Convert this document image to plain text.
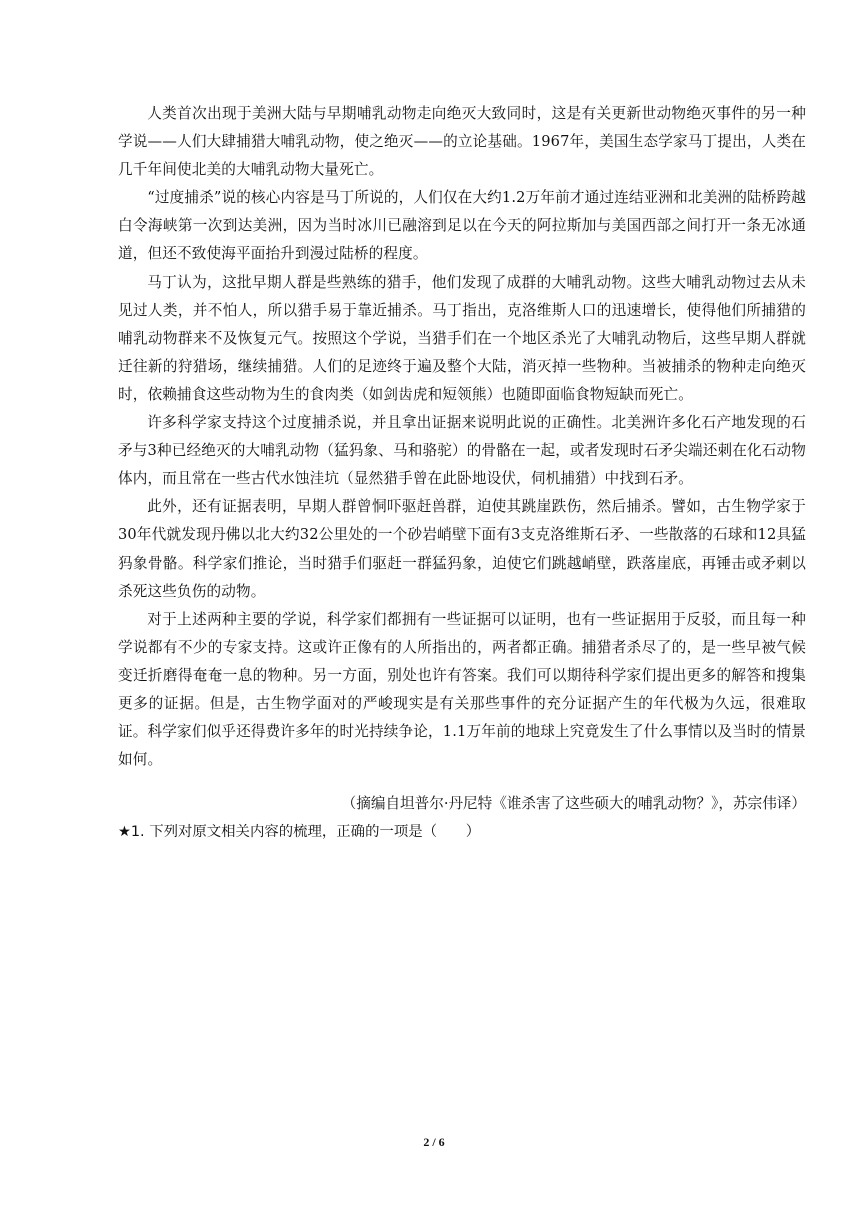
人类首次出现于美洲大陆与早期哺乳动物走向绝灭大致同时，这是有关更新世动物绝灭事件的另一种学说——人们大肆捕猎大哺乳动物，使之绝灭——的立论基础。1967年，美国生态学家马丁提出，人类在几千年间使北美的大哺乳动物大量死亡。

“过度捕杀”说的核心内容是马丁所说的，人们仅在大约1.2万年前才通过连结亚洲和北美洲的陆桥跨越白令海峡第一次到达美洲，因为当时冰川已融溶到足以在今天的阿拉斯加与美国西部之间打开一条无冰通道，但还不致使海平面抬升到漫过陆桥的程度。

马丁认为，这批早期人群是些熟练的猎手，他们发现了成群的大哺乳动物。这些大哺乳动物过去从未见过人类，并不怕人，所以猎手易于靠近捕杀。马丁指出，克洛维斯人口的迅速增长，使得他们所捕猎的哺乳动物群来不及恢复元气。按照这个学说，当猎手们在一个地区杀光了大哺乳动物后，这些早期人群就迁往新的狩猎场，继续捕猎。人们的足迹终于遍及整个大陆，消灭掉一些物种。当被捕杀的物种走向绝灭时，依赖捕食这些动物为生的食肉类（如剑齿虎和短领熊）也随即面临食物短缺而死亡。

许多科学家支持这个过度捕杀说，并且拿出证据来说明此说的正确性。北美洲许多化石产地发现的石矛与3种已经绝灭的大哺乳动物（猛犸象、马和骆驼）的骨骼在一起，或者发现时石矛尖端还刺在化石动物体内，而且常在一些古代水蚀洼坑（显然猎手曾在此卧地设伏，伺机捕猎）中找到石矛。

此外，还有证据表明，早期人群曾恫吓驱赶兽群，迫使其跳崖跌伤，然后捕杀。譬如，古生物学家于30年代就发现丹佛以北大约32公里处的一个砂岩峭壁下面有3支克洛维斯石矛、一些散落的石球和12具猛犸象骨骼。科学家们推论，当时猎手们驱赶一群猛犸象，迫使它们跳越峭壁，跌落崖底，再锤击或矛刺以杀死这些负伤的动物。

对于上述两种主要的学说，科学家们都拥有一些证据可以证明，也有一些证据用于反驳，而且每一种学说都有不少的专家支持。这或许正像有的人所指出的，两者都正确。捕猎者杀尽了的，是一些早被气候变迁折磨得奄奄一息的物种。另一方面，别处也许有答案。我们可以期待科学家们提出更多的解答和搜集更多的证据。但是，古生物学面对的严峻现实是有关那些事件的充分证据产生的年代极为久远，很难取证。科学家们似乎还得费许多年的时光持续争论，1.1万年前的地球上究竟发生了什么事情以及当时的情景如何。

（摘编自坦普尔·丹尼特《谁杀害了这些硕大的哺乳动物？》，苏宗伟译）
★1. 下列对原文相关内容的梳理，正确的一项是（　　）
2 / 6
